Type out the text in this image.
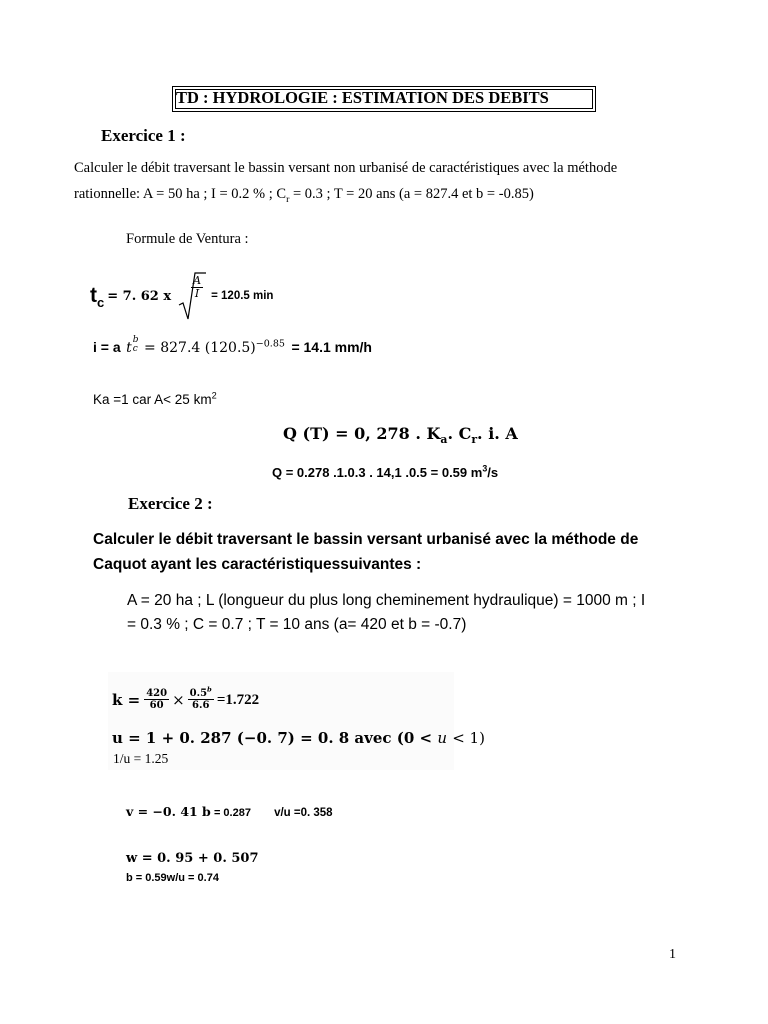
TD : HYDROLOGIE : ESTIMATION DES DEBITS
Exercice 1 :
Calculer le débit traversant le bassin versant non urbanisé de caractéristiques avec la méthode
rationnelle: A = 50 ha ; I = 0.2 % ; $C_r = 0.3$ ; T = 20 ans (a = 827.4 et b = -0.85)
Formule de Ventura :
$t_c = 7$. 62 x $\frac{A}{I} = 120.5$ min
i = a t
b
c = 827.4 $(120.5)^{-0.85} = 14.1$ mm/h
Ka =1 car A< 25 $km^2$
Q (T) = 0, 278 . $K_a$. $C_r$. i. A
Q = 0.278 .1.0.3 . 14,1 .0.5 = 0.59 $m^3/s$
Exercice 2 :
Calculer le débit traversant le bassin versant urbanisé avec la méthode de
Caquot ayant les caractéristiquessuivantes :
A = 20 ha ; L (longueur du plus long cheminement hydraulique) = 1000 m ; I
= 0.3 % ; C = 0.7 ; T = 10 ans (a= 420 et b = -0.7)
$k = \frac{420}{60} \times \frac{0.5^b}{6.6} =1.722$
u = 1 + 0. 287 (−0. 7) = 0. 8 avec (0 < u < 1)
1/u = 1.25
v = −0. 41 b = 0.287 v/u =0. 358
w = 0. 95 + 0. 507
b = 0.59w/u = 0.74
1
